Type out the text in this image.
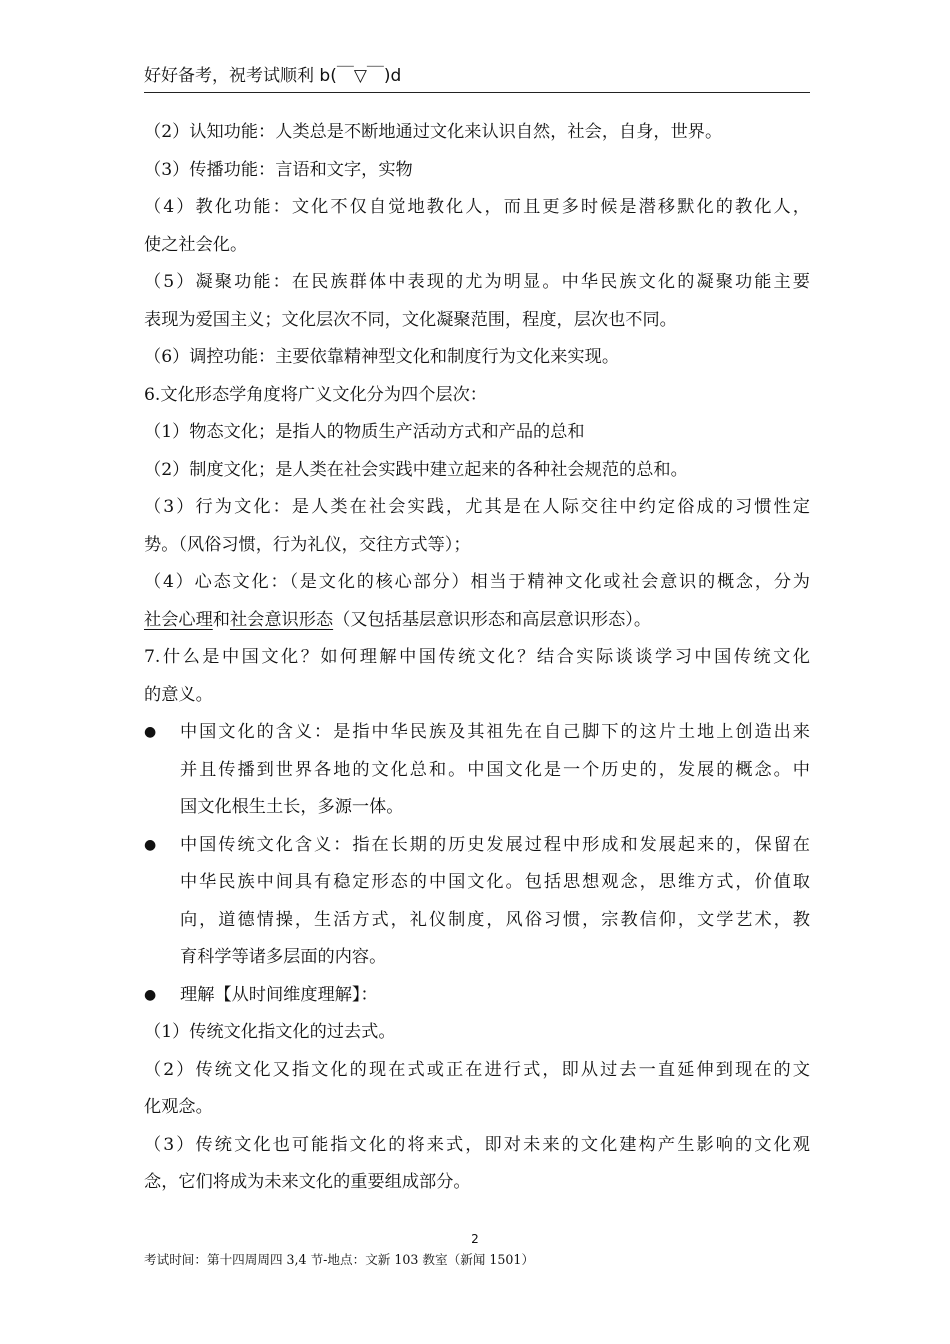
好好备考，祝考试顺利 b(￣▽￣)d
（2）认知功能：人类总是不断地通过文化来认识自然，社会，自身，世界。
（3）传播功能：言语和文字，实物
（4）教化功能：文化不仅自觉地教化人，而且更多时候是潜移默化的教化人，
使之社会化。
（5）凝聚功能：在民族群体中表现的尤为明显。中华民族文化的凝聚功能主要
表现为爱国主义；文化层次不同，文化凝聚范围，程度，层次也不同。
（6）调控功能：主要依靠精神型文化和制度行为文化来实现。
6.文化形态学角度将广义文化分为四个层次：
（1）物态文化；是指人的物质生产活动方式和产品的总和
（2）制度文化；是人类在社会实践中建立起来的各种社会规范的总和。
（3）行为文化：是人类在社会实践，尤其是在人际交往中约定俗成的习惯性定
势。（风俗习惯，行为礼仪，交往方式等）；
（4）心态文化：（是文化的核心部分）相当于精神文化或社会意识的概念，分为
社会心理和社会意识形态（又包括基层意识形态和高层意识形态）。
7.什么是中国文化？如何理解中国传统文化？结合实际谈谈学习中国传统文化
的意义。
● 中国文化的含义：是指中华民族及其祖先在自己脚下的这片土地上创造出来
并且传播到世界各地的文化总和。中国文化是一个历史的，发展的概念。中
国文化根生土长，多源一体。
● 中国传统文化含义：指在长期的历史发展过程中形成和发展起来的，保留在
中华民族中间具有稳定形态的中国文化。包括思想观念，思维方式，价值取
向，道德情操，生活方式，礼仪制度，风俗习惯，宗教信仰，文学艺术，教
育科学等诸多层面的内容。
● 理解【从时间维度理解】：
（1）传统文化指文化的过去式。
（2）传统文化又指文化的现在式或正在进行式，即从过去一直延伸到现在的文
化观念。
（3）传统文化也可能指文化的将来式，即对未来的文化建构产生影响的文化观
念，它们将成为未来文化的重要组成部分。
2
考试时间：第十四周周四 3,4 节-地点：文新 103 教室（新闻 1501）
